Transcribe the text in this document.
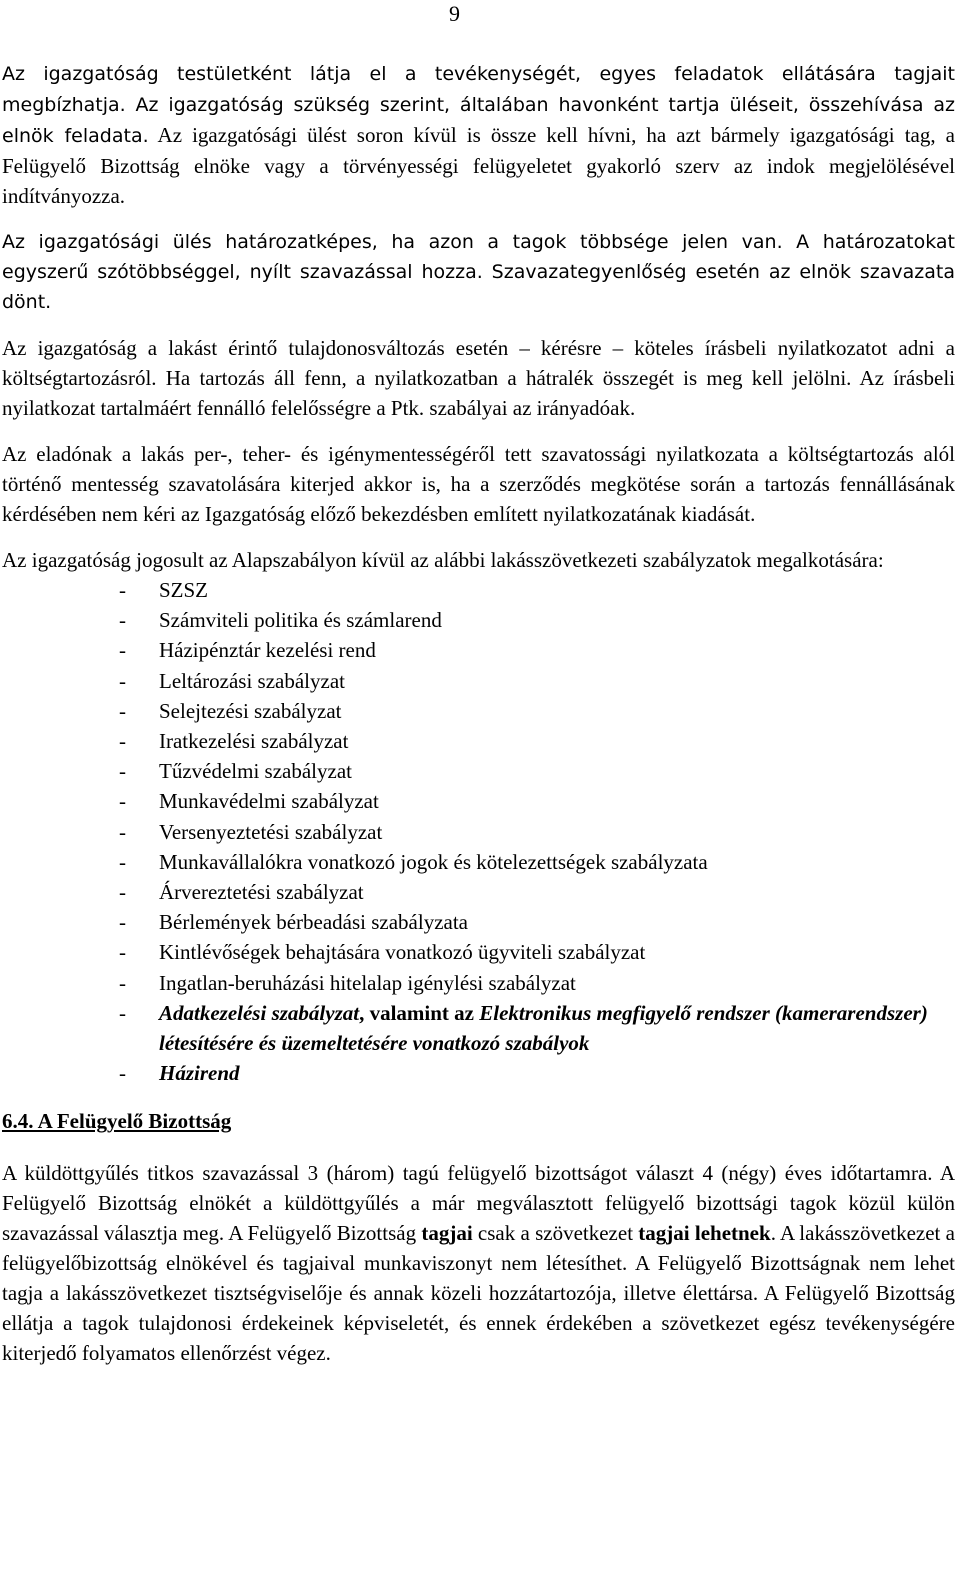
9

Az igazgatóság testületként látja el a tevékenységét, egyes feladatok ellátására tagjait megbízhatja. Az igazgatóság szükség szerint, általában havonként tartja üléseit, összehívása az elnök feladata. Az igazgatósági ülést soron kívül is össze kell hívni, ha azt bármely igazgatósági tag, a Felügyelő Bizottság elnöke vagy a törvényességi felügyeletet gyakorló szerv az indok megjelölésével indítványozza.

Az igazgatósági ülés határozatképes, ha azon a tagok többsége jelen van. A határozatokat egyszerű szótöbbséggel, nyílt szavazással hozza. Szavazategyenlőség esetén az elnök szavazata dönt.

Az igazgatóság a lakást érintő tulajdonosváltozás esetén – kérésre – köteles írásbeli nyilatkozatot adni a költségtartozásról. Ha tartozás áll fenn, a nyilatkozatban a hátralék összegét is meg kell jelölni. Az írásbeli nyilatkozat tartalmáért fennálló felelősségre a Ptk. szabályai az irányadóak.

Az eladónak a lakás per-, teher- és igénymentességéről tett szavatossági nyilatkozata a költségtartozás alól történő mentesség szavatolására kiterjed akkor is, ha a szerződés megkötése során a tartozás fennállásának kérdésében nem kéri az Igazgatóság előző bekezdésben említett nyilatkozatának kiadását.

Az igazgatóság jogosult az Alapszabályon kívül az alábbi lakásszövetkezeti szabályzatok megalkotására:

- SZSZ
- Számviteli politika és számlarend
- Házipénztár kezelési rend
- Leltározási szabályzat
- Selejtezési szabályzat
- Iratkezelési szabályzat
- Tűzvédelmi szabályzat
- Munkavédelmi szabályzat
- Versenyeztetési szabályzat
- Munkavállalókra vonatkozó jogok és kötelezettségek szabályzata
- Árvereztetési szabályzat
- Bérlemények bérbeadási szabályzata
- Kintlévőségek behajtására vonatkozó ügyviteli szabályzat
- Ingatlan-beruházási hitelalap igénylési szabályzat
- Adatkezelési szabályzat, valamint az Elektronikus megfigyelő rendszer (kamerarendszer) létesítésére és üzemeltetésére vonatkozó szabályok
- Házirend
6.4. A Felügyelő Bizottság

A küldöttgyűlés titkos szavazással 3 (három) tagú felügyelő bizottságot választ 4 (négy) éves időtartamra. A Felügyelő Bizottság elnökét a küldöttgyűlés a már megválasztott felügyelő bizottsági tagok közül külön szavazással választja meg. A Felügyelő Bizottság tagjai csak a szövetkezet tagjai lehetnek. A lakásszövetkezet a felügyelőbizottság elnökével és tagjaival munkaviszonyt nem létesíthet. A Felügyelő Bizottságnak nem lehet tagja a lakásszövetkezet tisztségviselője és annak közeli hozzátartozója, illetve élettársa. A Felügyelő Bizottság ellátja a tagok tulajdonosi érdekeinek képviseletét, és ennek érdekében a szövetkezet egész tevékenységére kiterjedő folyamatos ellenőrzést végez.
